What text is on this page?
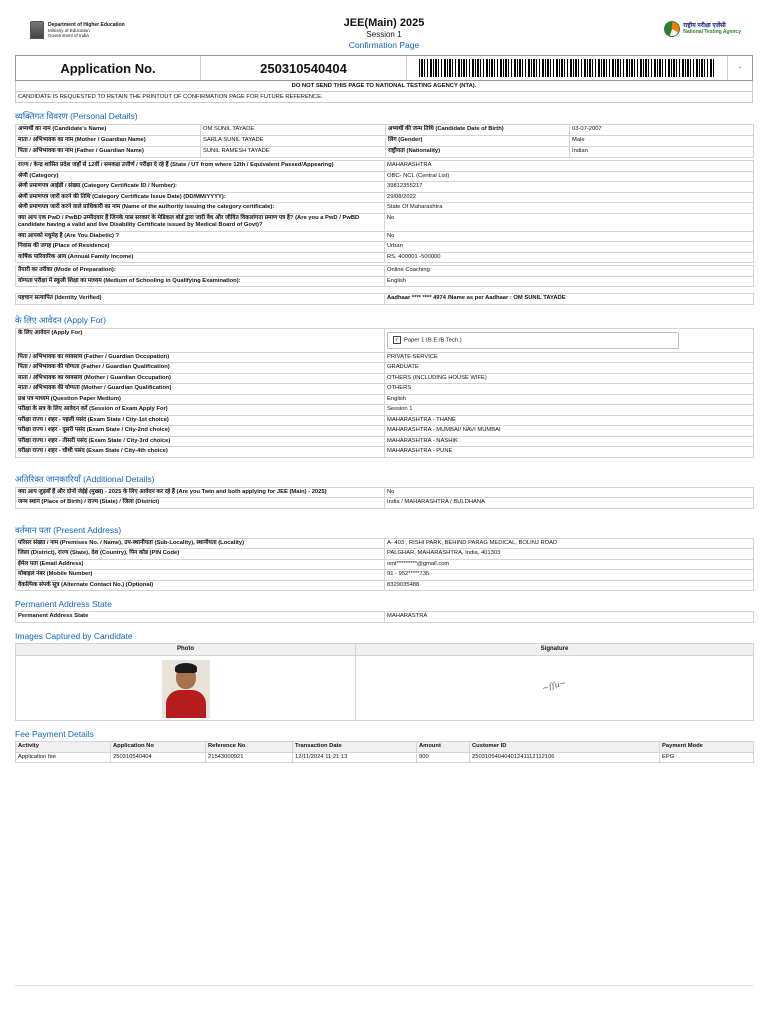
Department of Higher Education
Ministry of Education
Government of India
JEE(Main) 2025
Session 1
Confirmation Page
राष्ट्रीय परीक्षा एजेंसी
National Testing Agency
Application No.	250310540404	-
DO NOT SEND THIS PAGE TO NATIONAL TESTING AGENCY (NTA).
CANDIDATE IS REQUESTED TO RETAIN THE PRINTOUT OF CONFIRMATION PAGE FOR FUTURE REFERENCE.
व्यक्तिगत विवरण (Personal Details)
अभ्यर्थी का नाम (Candidate's Name)	OM SUNIL TAYADE	अभ्यर्थी की जन्म तिथि (Candidate Date of Birth)	03-07-2007
माता / अभिभावक का नाम (Mother / Guardian Name)	SARLA SUNIL TAYADE	लिंग (Gender)	Male
पिता / अभिभावक का नाम (Father / Guardian Name)	SUNIL RAMESH TAYADE	राष्ट्रीयता (Nationality)	Indian
राज्य / केन्द्र शासित प्रदेश जहाँ से 12वीं / समकक्ष उत्तीर्ण / परीक्षा दे रहे हैं (State / UT from where 12th / Equivalent Passed/Appearing)	MAHARASHTRA
श्रेणी (Category)	OBC- NCL (Central List)
श्रेणी प्रमाणपत्र आईडी / संख्या (Category Certificate ID / Number):	39812355217
श्रेणी प्रमाणपत्र जारी करने की तिथि (Category Certificate Issue Date) (DD/MM/YYYY):	29/08/2022
श्रेणी प्रमाणपत्र जारी करने वाले प्राधिकारी का नाम (Name of the authority issuing the category certificate):	State Of Maharashtra
क्या आप एक PwD / PwBD उम्मीदवार हैं जिनके पास सरकार के मेडिकल बोर्ड द्वारा जारी वैध और जीवित विकलांगता प्रमाण पत्र है? (Are you a PwD / PwBD candidate having a valid and live Disability Certificate issued by Medical Board of Govt)?	No
क्या आपको मधुमेह है (Are You Diabetic) ?	No
निवास की जगह (Place of Residence)	Urban
वार्षिक पारिवारिक आय (Annual Family Income)	RS. 400001 -500000
तैयारी का तरीका (Mode of Preparation):	Online Coaching
योग्यता परीक्षा में स्कूली शिक्षा का माध्यम (Medium of Schooling in Qualifying Examination):	English
पहचान सत्यापित (Identity Verified)	Aadhaar **** **** 4974 /Name as per Aadhaar : OM SUNIL TAYADE
के लिए आवेदन (Apply For)
के लिए आवेदन (Apply For)	✓ Paper 1 (B.E./B.Tech.)
पिता / अभिभावक का व्यवसाय (Father / Guardian Occupation)	PRIVATE SERVICE
पिता / अभिभावक की योग्यता (Father / Guardian Qualification)	GRADUATE
माता / अभिभावक का व्यवसाय (Mother / Guardian Occupation)	OTHERS (INCLUDING HOUSE WIFE)
माता / अभिभावक की योग्यता (Mother / Guardian Qualification)	OTHERS
प्रश्न पत्र माध्यम (Question Paper Medium)	English
परीक्षा के सत्र के लिए आवेदन करें (Session of Exam Apply For)	Session 1
परीक्षा राज्य / शहर - पहली पसंद (Exam State / City-1st choice)	MAHARASHTRA - THANE
परीक्षा राज्य / शहर - दूसरी पसंद (Exam State / City-2nd choice)	MAHARASHTRA - MUMBAI/ NAVI MUMBAI
परीक्षा राज्य / शहर - तीसरी पसंद (Exam State / City-3rd choice)	MAHARASHTRA - NASHIK
परीक्षा राज्य / शहर - चौथी पसंद (Exam State / City-4th choice)	MAHARASHTRA - PUNE
अतिरिक्त जानकारियाँ (Additional Details)
क्या आप जुड़वाँ हैं और दोनों जेईई (मुख्य) - 2025 के लिए आवेदन कर रहे हैं (Are you Twin and both applying for JEE (Main) - 2025)	No
जन्म स्थान (Place of Birth) / राज्य (State) / जिला (District)	India / MAHARASHTRA / BULDHANA
वर्तमान पता (Present Address)
परिसर संख्या / नाम (Premises No. / Name), उप-स्थानीयता (Sub-Locality), स्थानीयता (Locality)	A- 403 , RISHI PARK, BEHIND PARAG MEDICAL, BOLINJ ROAD
जिला (District), राज्य (State), देश (Country), पिन कोड (PIN Code)	PALGHAR, MAHARASHTRA, India, 401303
ईमेल पता (Email Address)	omt*********@gmail.com
मोबाइल नंबर (Mobile Number)	91 - 952*****735
वैकल्पिक संपर्क सूत्र (Alternate Contact No.) (Optional)	8329035488
Permanent Address State
Permanent Address State	MAHARASTRA
Images Captured by Candidate
Photo	Signature

	~ſſu~
Fee Payment Details
Activity	Application No	Reference No	Transaction Date	Amount	Customer ID	Payment Mode
Application fee	250310540404	21543000921	12/11/2024 11:21:13	900	2503105404040124111211210​6	EPG
